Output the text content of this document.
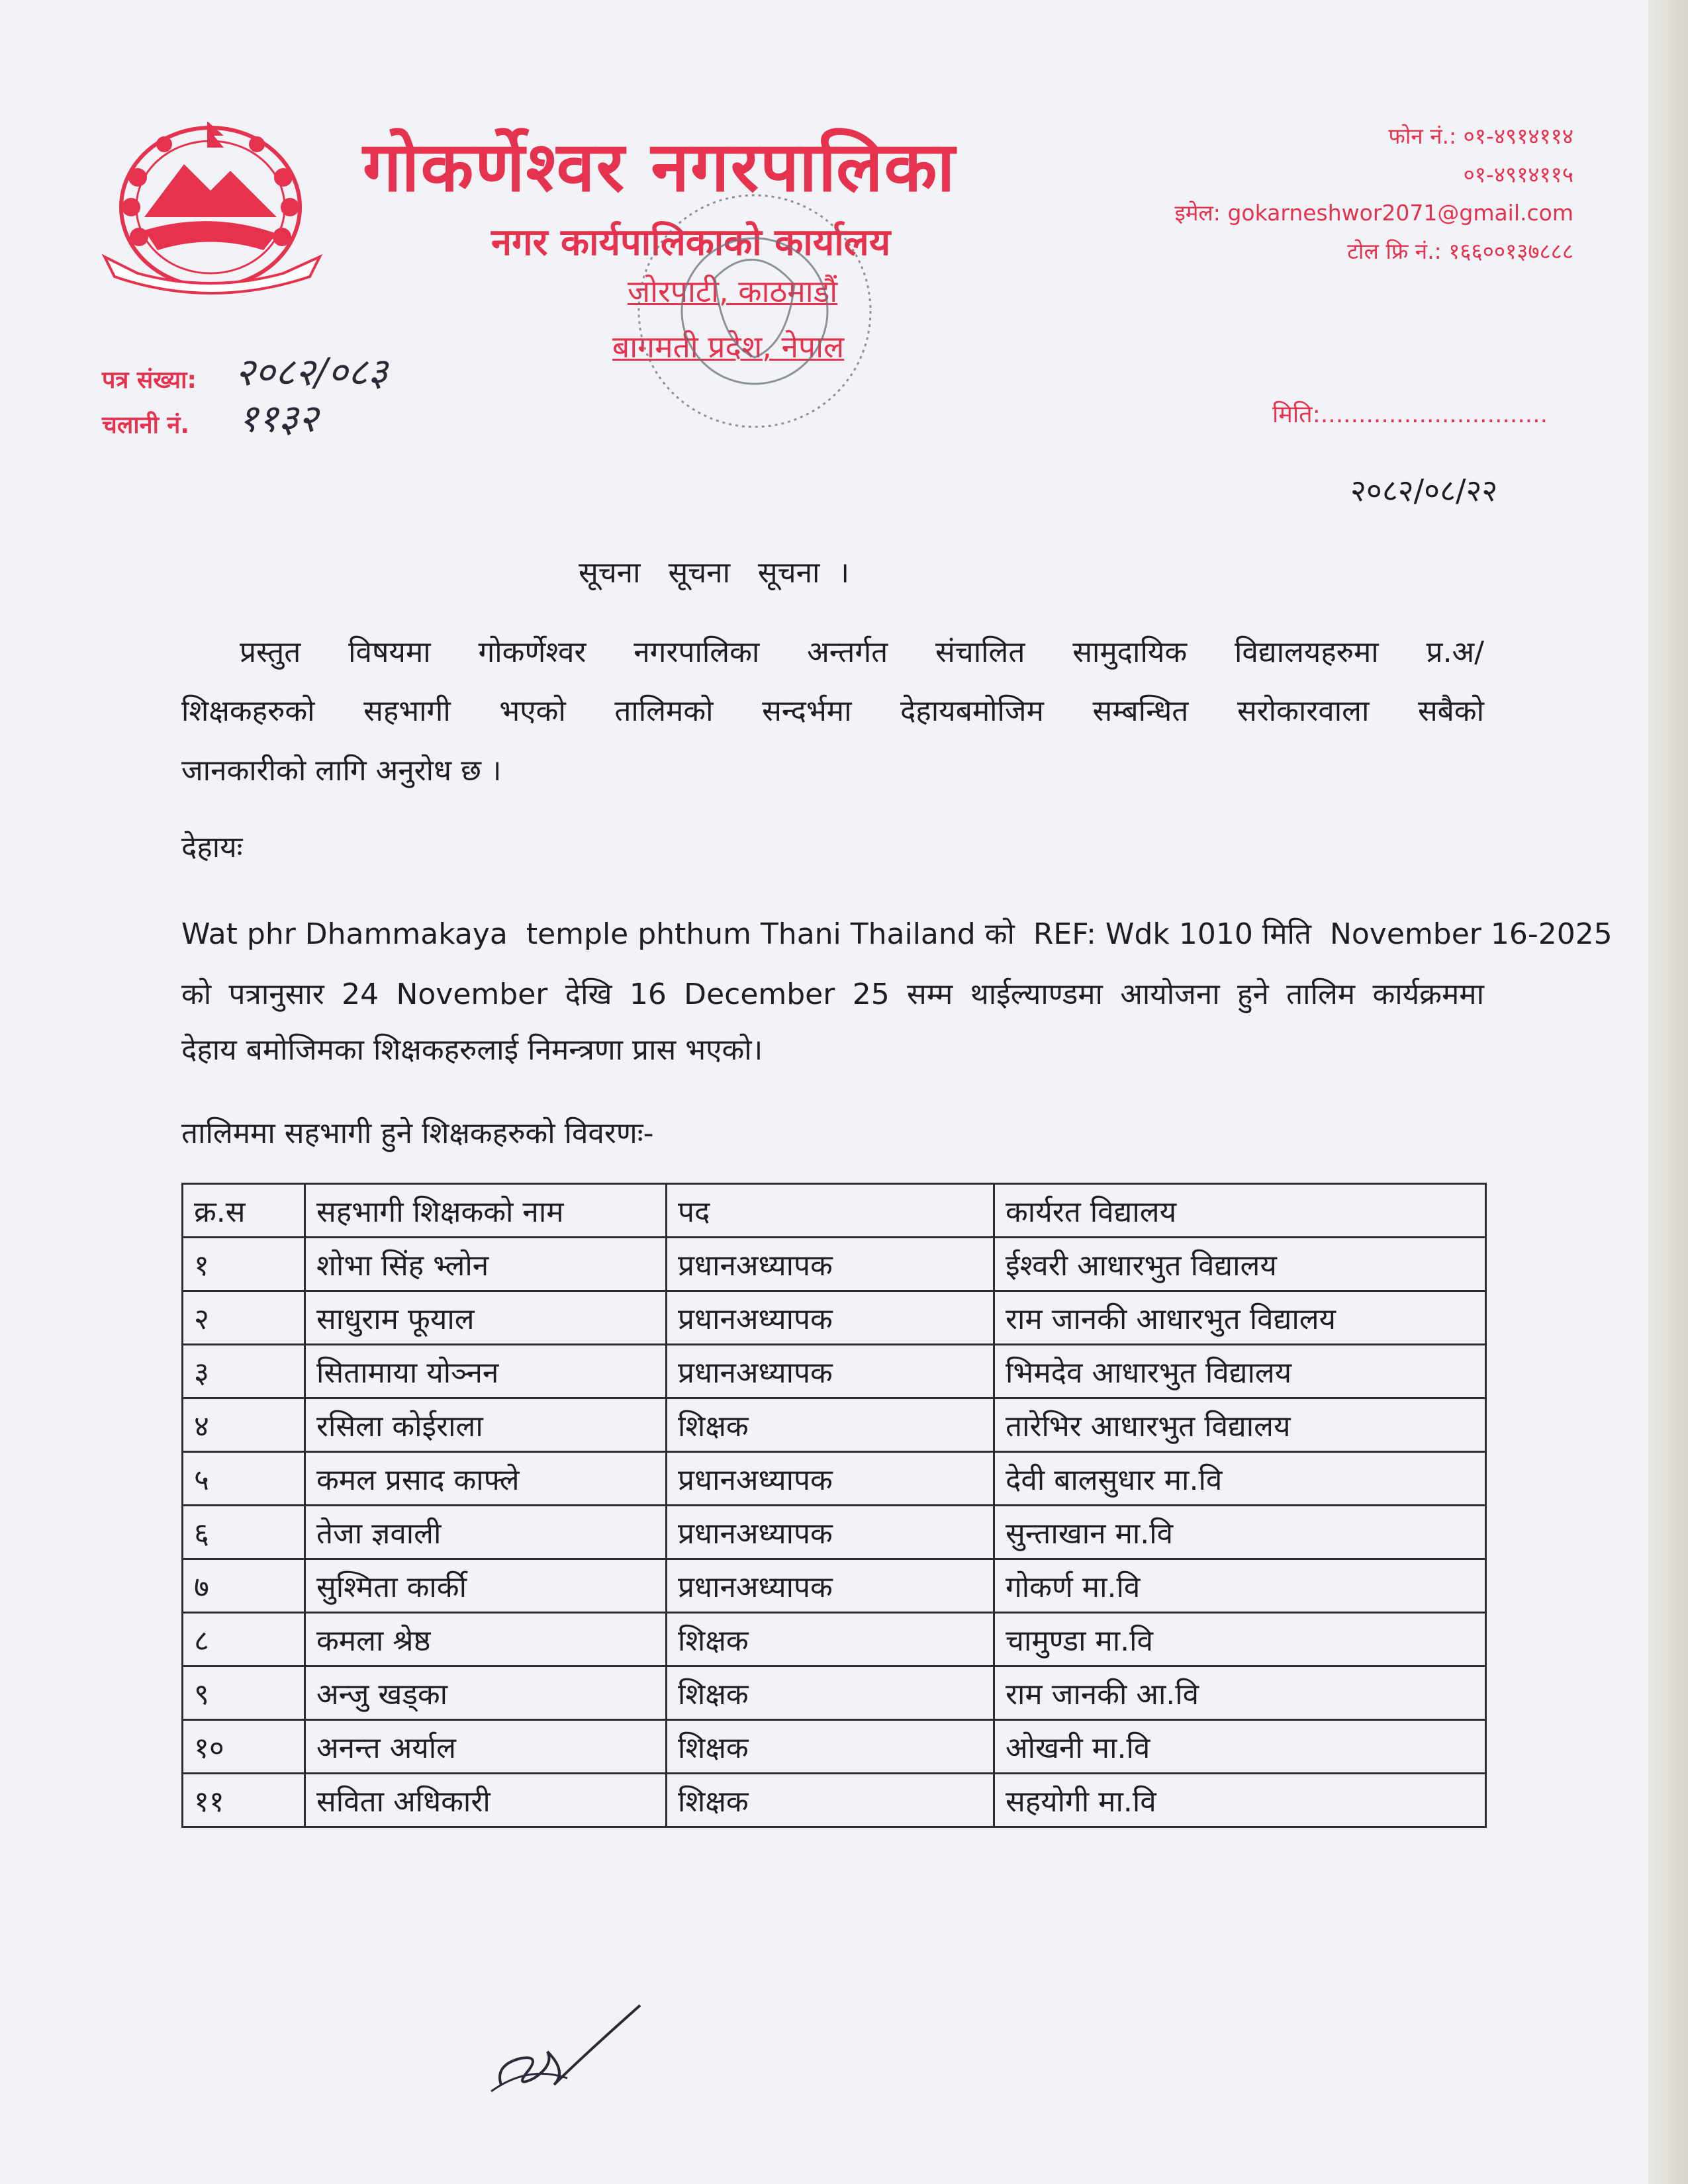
गोकर्णेश्वर नगरपालिका
नगर कार्यपालिकाको कार्यालय
जोरपाटी, काठमाडौं
बागमती प्रदेश, नेपाल
फोन नं.: ०१-४९१४११४
०१-४९१४११५
इमेल: gokarneshwor2071@gmail.com
टोल फ्रि नं.: १६६००१३७८८८
पत्र संख्या: २०८२/०८३
चलानी नं. ११३२	मिति:..............................
२०८२/०८/२२
सूचना   सूचना   सूचना  ।
प्रस्तुत विषयमा गोकर्णेश्वर नगरपालिका अन्तर्गत संचालित सामुदायिक विद्यालयहरुमा प्र.अ/
शिक्षकहरुको सहभागी भएको तालिमको सन्दर्भमा देहायबमोजिम सम्बन्धित सरोकारवाला सबैको
जानकारीको लागि अनुरोध छ ।
देहायः
Wat phr Dhammakaya  temple phthum Thani Thailand को  REF: Wdk 1010 मिति  November 16-2025
को पत्रानुसार 24 November देखि 16 December 25 सम्म थाईल्याण्डमा आयोजना हुने तालिम कार्यक्रममा
देहाय बमोजिमका शिक्षकहरुलाई निमन्त्रणा प्रास भएको।
तालिममा सहभागी हुने शिक्षकहरुको विवरणः-
क्र.स	सहभागी शिक्षकको नाम	पद	कार्यरत विद्यालय
१	शोभा सिंह भ्लोन	प्रधानअध्यापक	ईश्वरी आधारभुत विद्यालय
२	साधुराम फूयाल	प्रधानअध्यापक	राम जानकी आधारभुत विद्यालय
३	सितामाया योञ्नन	प्रधानअध्यापक	भिमदेव आधारभुत विद्यालय
४	रसिला कोईराला	शिक्षक	तारेभिर आधारभुत विद्यालय
५	कमल प्रसाद काफ्ले	प्रधानअध्यापक	देवी बालसुधार मा.वि
६	तेजा ज्ञवाली	प्रधानअध्यापक	सुन्ताखान मा.वि
७	सुश्मिता कार्की	प्रधानअध्यापक	गोकर्ण मा.वि
८	कमला श्रेष्ठ	शिक्षक	चामुण्डा मा.वि
९	अन्जु खड्का	शिक्षक	राम जानकी आ.वि
१०	अनन्त अर्याल	शिक्षक	ओखनी मा.वि
११	सविता अधिकारी	शिक्षक	सहयोगी मा.वि
